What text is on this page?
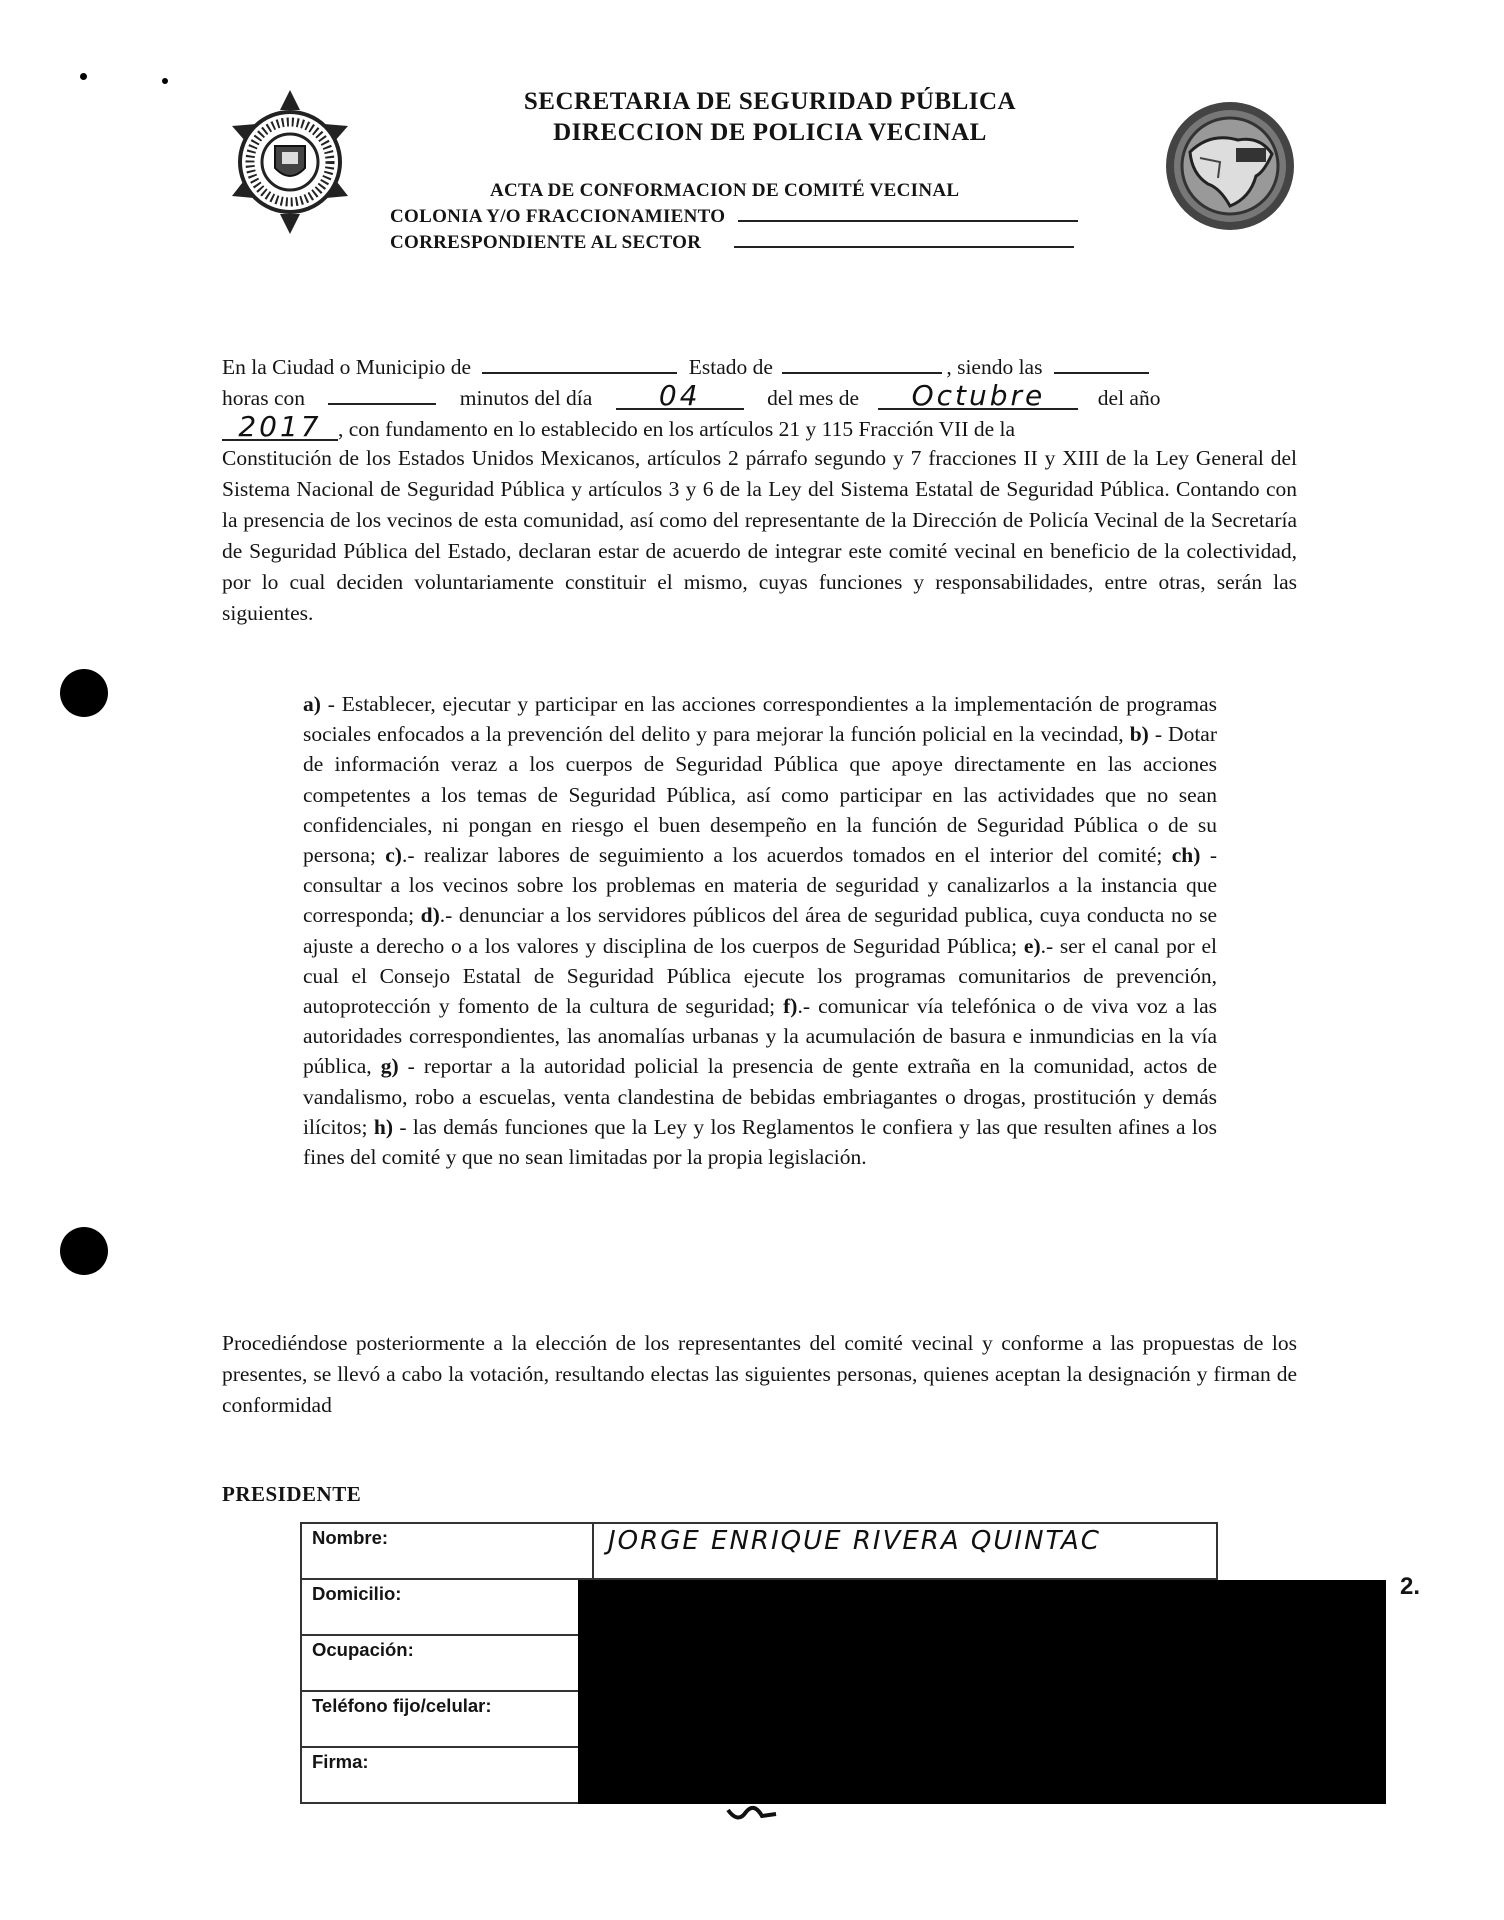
SECRETARIA DE SEGURIDAD PÚBLICA
DIRECCION DE POLICIA VECINAL
ACTA DE CONFORMACION DE COMITÉ VECINAL
COLONIA Y/O FRACCIONAMIENTO
CORRESPONDIENTE AL SECTOR
En la Ciudad o Municipio de	Estado de	, siendo las
horas con	minutos del día 04	del mes de Octubre del año
2017 , con fundamento en lo establecido en los artículos 21 y 115 Fracción VII de la
Constitución de los Estados Unidos Mexicanos, artículos 2 párrafo segundo y 7 fracciones II y XIII de la Ley General del Sistema Nacional de Seguridad Pública y artículos 3 y 6 de la Ley del Sistema Estatal de Seguridad Pública. Contando con la presencia de los vecinos de esta comunidad, así como del representante de la Dirección de Policía Vecinal de la Secretaría de Seguridad Pública del Estado, declaran estar de acuerdo de integrar este comité vecinal en beneficio de la colectividad, por lo cual deciden voluntariamente constituir el mismo, cuyas funciones y responsabilidades, entre otras, serán las siguientes.
a) - Establecer, ejecutar y participar en las acciones correspondientes a la implementación de programas sociales enfocados a la prevención del delito y para mejorar la función policial en la vecindad, b) - Dotar de información veraz a los cuerpos de Seguridad Pública que apoye directamente en las acciones competentes a los temas de Seguridad Pública, así como participar en las actividades que no sean confidenciales, ni pongan en riesgo el buen desempeño en la función de Seguridad Pública o de su persona; c).- realizar labores de seguimiento a los acuerdos tomados en el interior del comité; ch) - consultar a los vecinos sobre los problemas en materia de seguridad y canalizarlos a la instancia que corresponda; d).- denunciar a los servidores públicos del área de seguridad publica, cuya conducta no se ajuste a derecho o a los valores y disciplina de los cuerpos de Seguridad Pública; e).- ser el canal por el cual el Consejo Estatal de Seguridad Pública ejecute los programas comunitarios de prevención, autoprotección y fomento de la cultura de seguridad; f).- comunicar vía telefónica o de viva voz a las autoridades correspondientes, las anomalías urbanas y la acumulación de basura e inmundicias en la vía pública, g) - reportar a la autoridad policial la presencia de gente extraña en la comunidad, actos de vandalismo, robo a escuelas, venta clandestina de bebidas embriagantes o drogas, prostitución y demás ilícitos; h) - las demás funciones que la Ley y los Reglamentos le confiera y las que resulten afines a los fines del comité y que no sean limitadas por la propia legislación.
Procediéndose posteriormente a la elección de los representantes del comité vecinal y conforme a las propuestas de los presentes, se llevó a cabo la votación, resultando electas las siguientes personas, quienes aceptan la designación y firman de conformidad
PRESIDENTE
Nombre:	JORGE ENRIQUE RIVERA QUINTAC
Domicilio:	
Ocupación:	
Teléfono fijo/celular:	
Firma:	
2.
